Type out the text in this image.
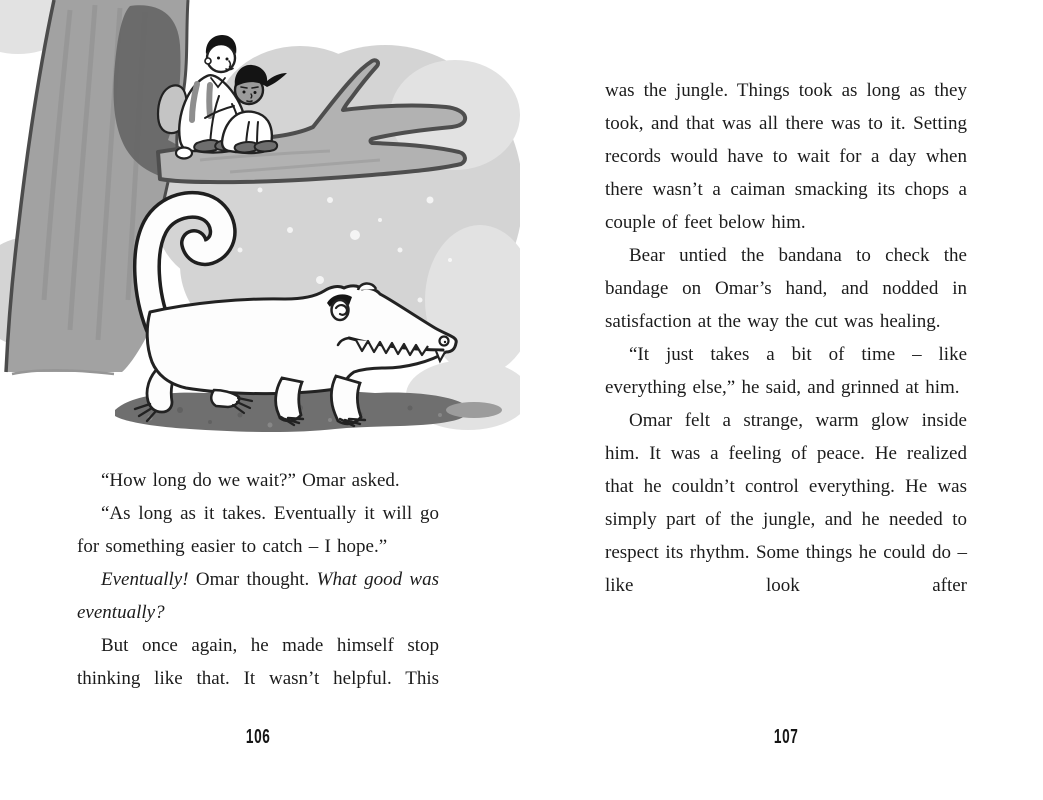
“How long do we wait?” Omar asked.

“As long as it takes. Eventually it will go for something easier to catch – I hope.”

Eventually! Omar thought. What good was eventually?

But once again, he made himself stop thinking like that. It wasn’t helpful. This

was the jungle. Things took as long as they took, and that was all there was to it. Setting records would have to wait for a day when there wasn’t a caiman smacking its chops a couple of feet below him.

Bear untied the bandana to check the bandage on Omar’s hand, and nodded in satisfaction at the way the cut was healing.

“It just takes a bit of time – like everything else,” he said, and grinned at him.

Omar felt a strange, warm glow inside him. It was a feeling of peace. He realized that he couldn’t control everything. He was simply part of the jungle, and he needed to respect its rhythm. Some things he could do – like look after

106	107
